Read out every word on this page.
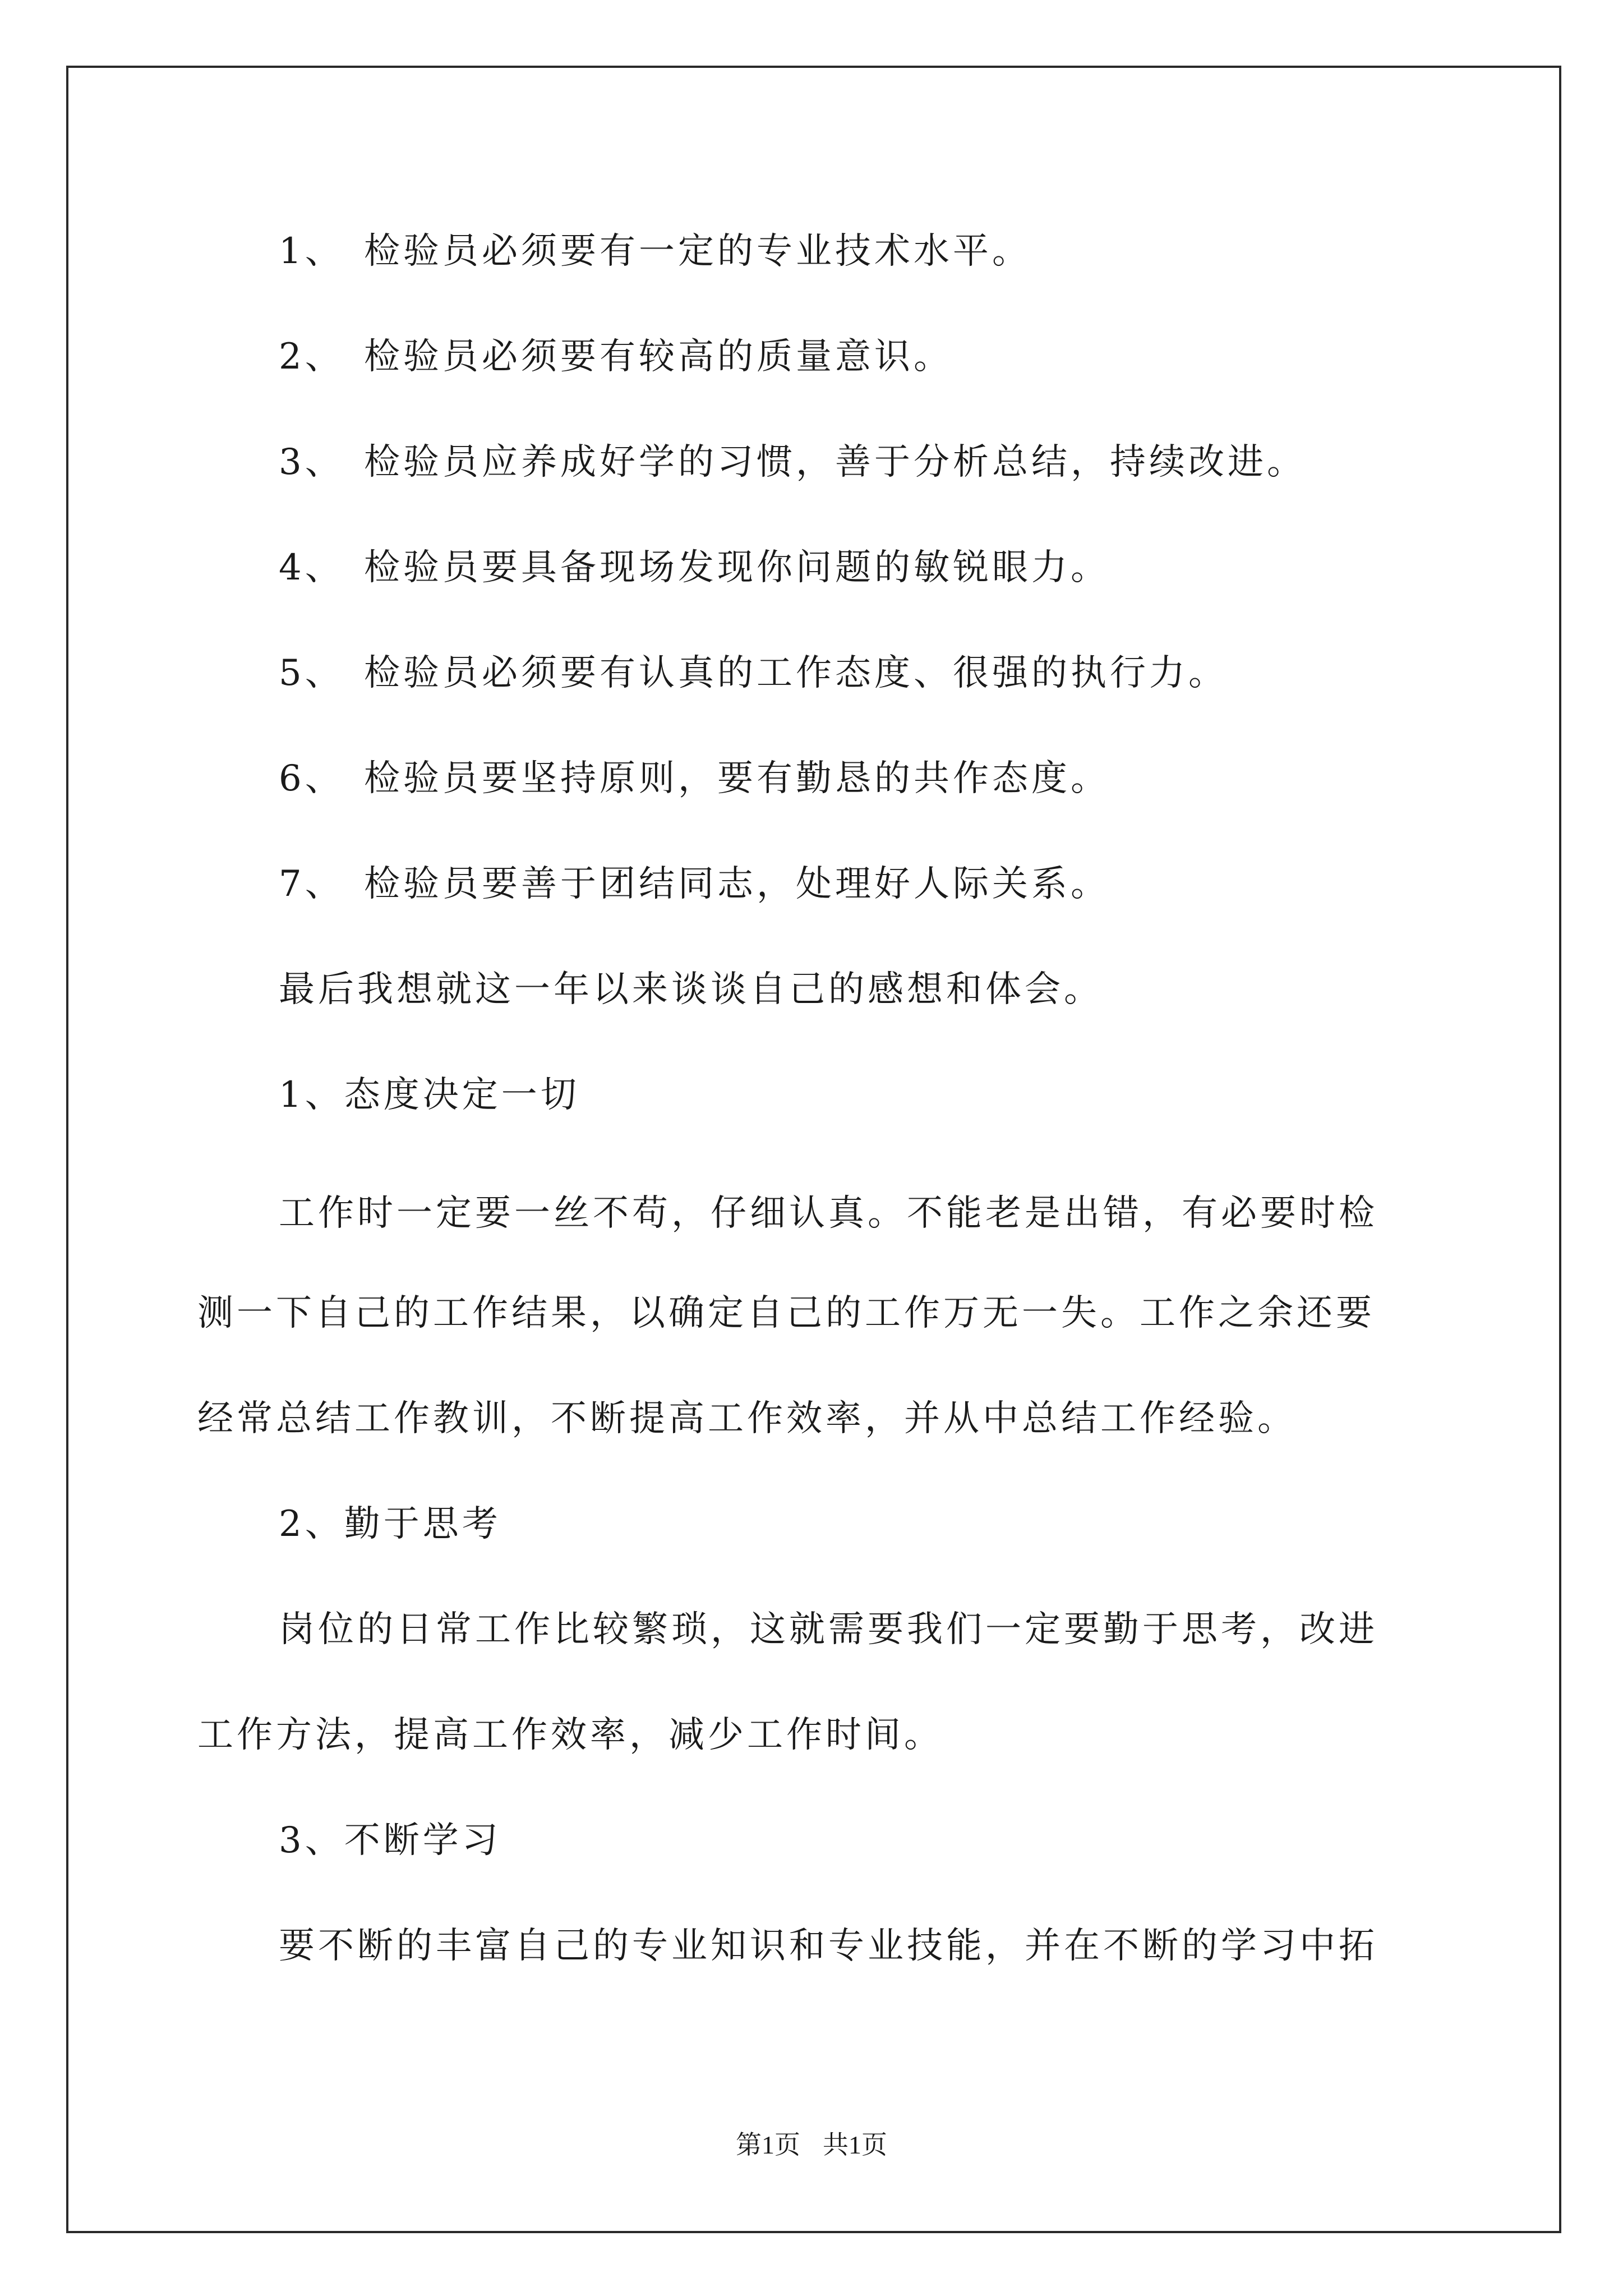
1、 检验员必须要有一定的专业技术水平。
2、 检验员必须要有较高的质量意识。
3、 检验员应养成好学的习惯，善于分析总结，持续改进。
4、 检验员要具备现场发现你问题的敏锐眼力。
5、 检验员必须要有认真的工作态度、很强的执行力。
6、 检验员要坚持原则，要有勤恳的共作态度。
7、 检验员要善于团结同志，处理好人际关系。
最后我想就这一年以来谈谈自己的感想和体会。
1、态度决定一切
工作时一定要一丝不苟，仔细认真。不能老是出错，有必要时检
测一下自己的工作结果，以确定自己的工作万无一失。工作之余还要
经常总结工作教训，不断提高工作效率，并从中总结工作经验。
2、勤于思考
岗位的日常工作比较繁琐，这就需要我们一定要勤于思考，改进
工作方法，提高工作效率，减少工作时间。
3、不断学习
要不断的丰富自己的专业知识和专业技能，并在不断的学习中拓
第1页 共1页
